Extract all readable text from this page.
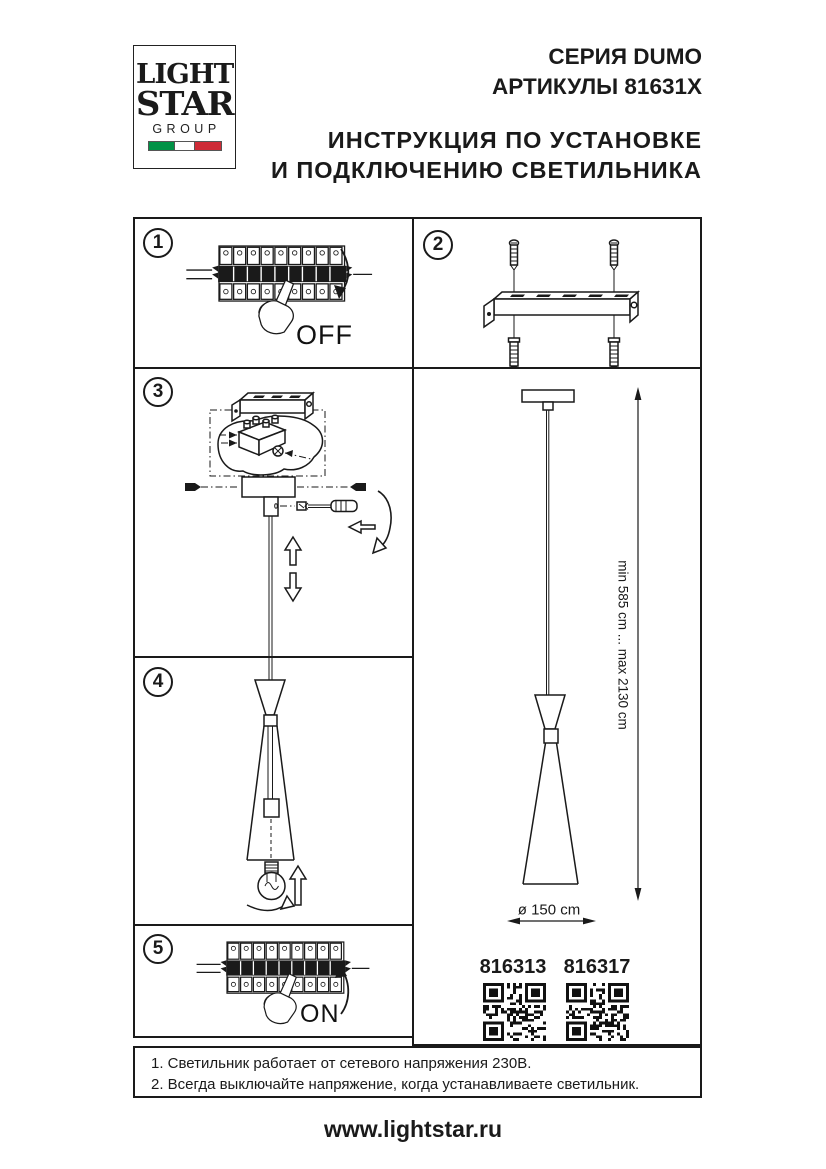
LIGHT
STAR
GROUP
СЕРИЯ DUMO
АРТИКУЛЫ 81631X
ИНСТРУКЦИЯ ПО УСТАНОВКЕ
И ПОДКЛЮЧЕНИЮ СВЕТИЛЬНИКА
1	2
3
4
5
OFF
ON
min 585 cm ... max 2130 cm
ø 150 cm
816313 816317
1. Светильник работает от сетевого напряжения 230В.
2. Всегда выключайте напряжение, когда устанавливаете светильник.
www.lightstar.ru
